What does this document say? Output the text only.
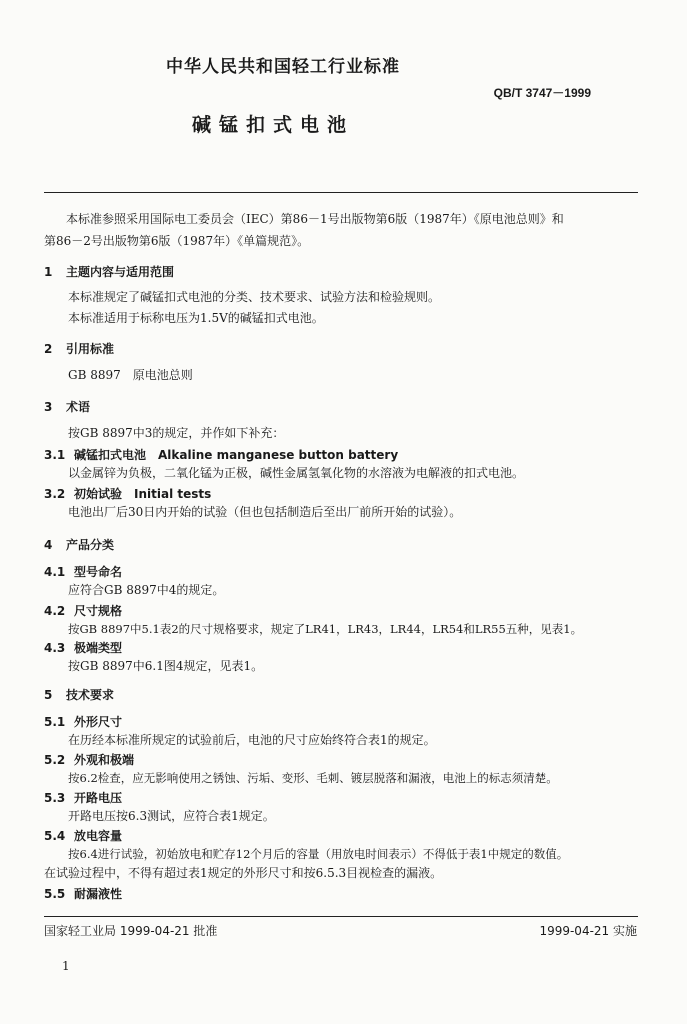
中华人民共和国轻工行业标准
QB/T 3747－1999
碱锰扣式电池
本标准参照采用国际电工委员会（IEC）第86－1号出版物第6版（1987年）《原电池总则》和
第86－2号出版物第6版（1987年）《单篇规范》。
1 主题内容与适用范围
本标准规定了碱锰扣式电池的分类、技术要求、试验方法和检验规则。
本标准适用于标称电压为1.5V的碱锰扣式电池。
2 引用标准
GB 8897　原电池总则
3 术语
按GB 8897中3的规定，并作如下补充：
3.1 碱锰扣式电池　Alkaline manganese button battery
以金属锌为负极，二氧化锰为正极，碱性金属氢氧化物的水溶液为电解液的扣式电池。
3.2 初始试验　Initial tests
电池出厂后30日内开始的试验（但也包括制造后至出厂前所开始的试验）。
4 产品分类
4.1 型号命名
应符合GB 8897中4的规定。
4.2 尺寸规格
按GB 8897中5.1表2的尺寸规格要求，规定了LR41，LR43，LR44，LR54和LR55五种，见表1。
4.3 极端类型
按GB 8897中6.1图4规定，见表1。
5 技术要求
5.1 外形尺寸
在历经本标准所规定的试验前后，电池的尺寸应始终符合表1的规定。
5.2 外观和极端
按6.2检查，应无影响使用之锈蚀、污垢、变形、毛刺、镀层脱落和漏液，电池上的标志须清楚。
5.3 开路电压
开路电压按6.3测试，应符合表1规定。
5.4 放电容量
按6.4进行试验，初始放电和贮存12个月后的容量（用放电时间表示）不得低于表1中规定的数值。
在试验过程中，不得有超过表1规定的外形尺寸和按6.5.3目视检查的漏液。
5.5 耐漏液性
国家轻工业局 1999-04-21 批准	1999-04-21 实施
1
